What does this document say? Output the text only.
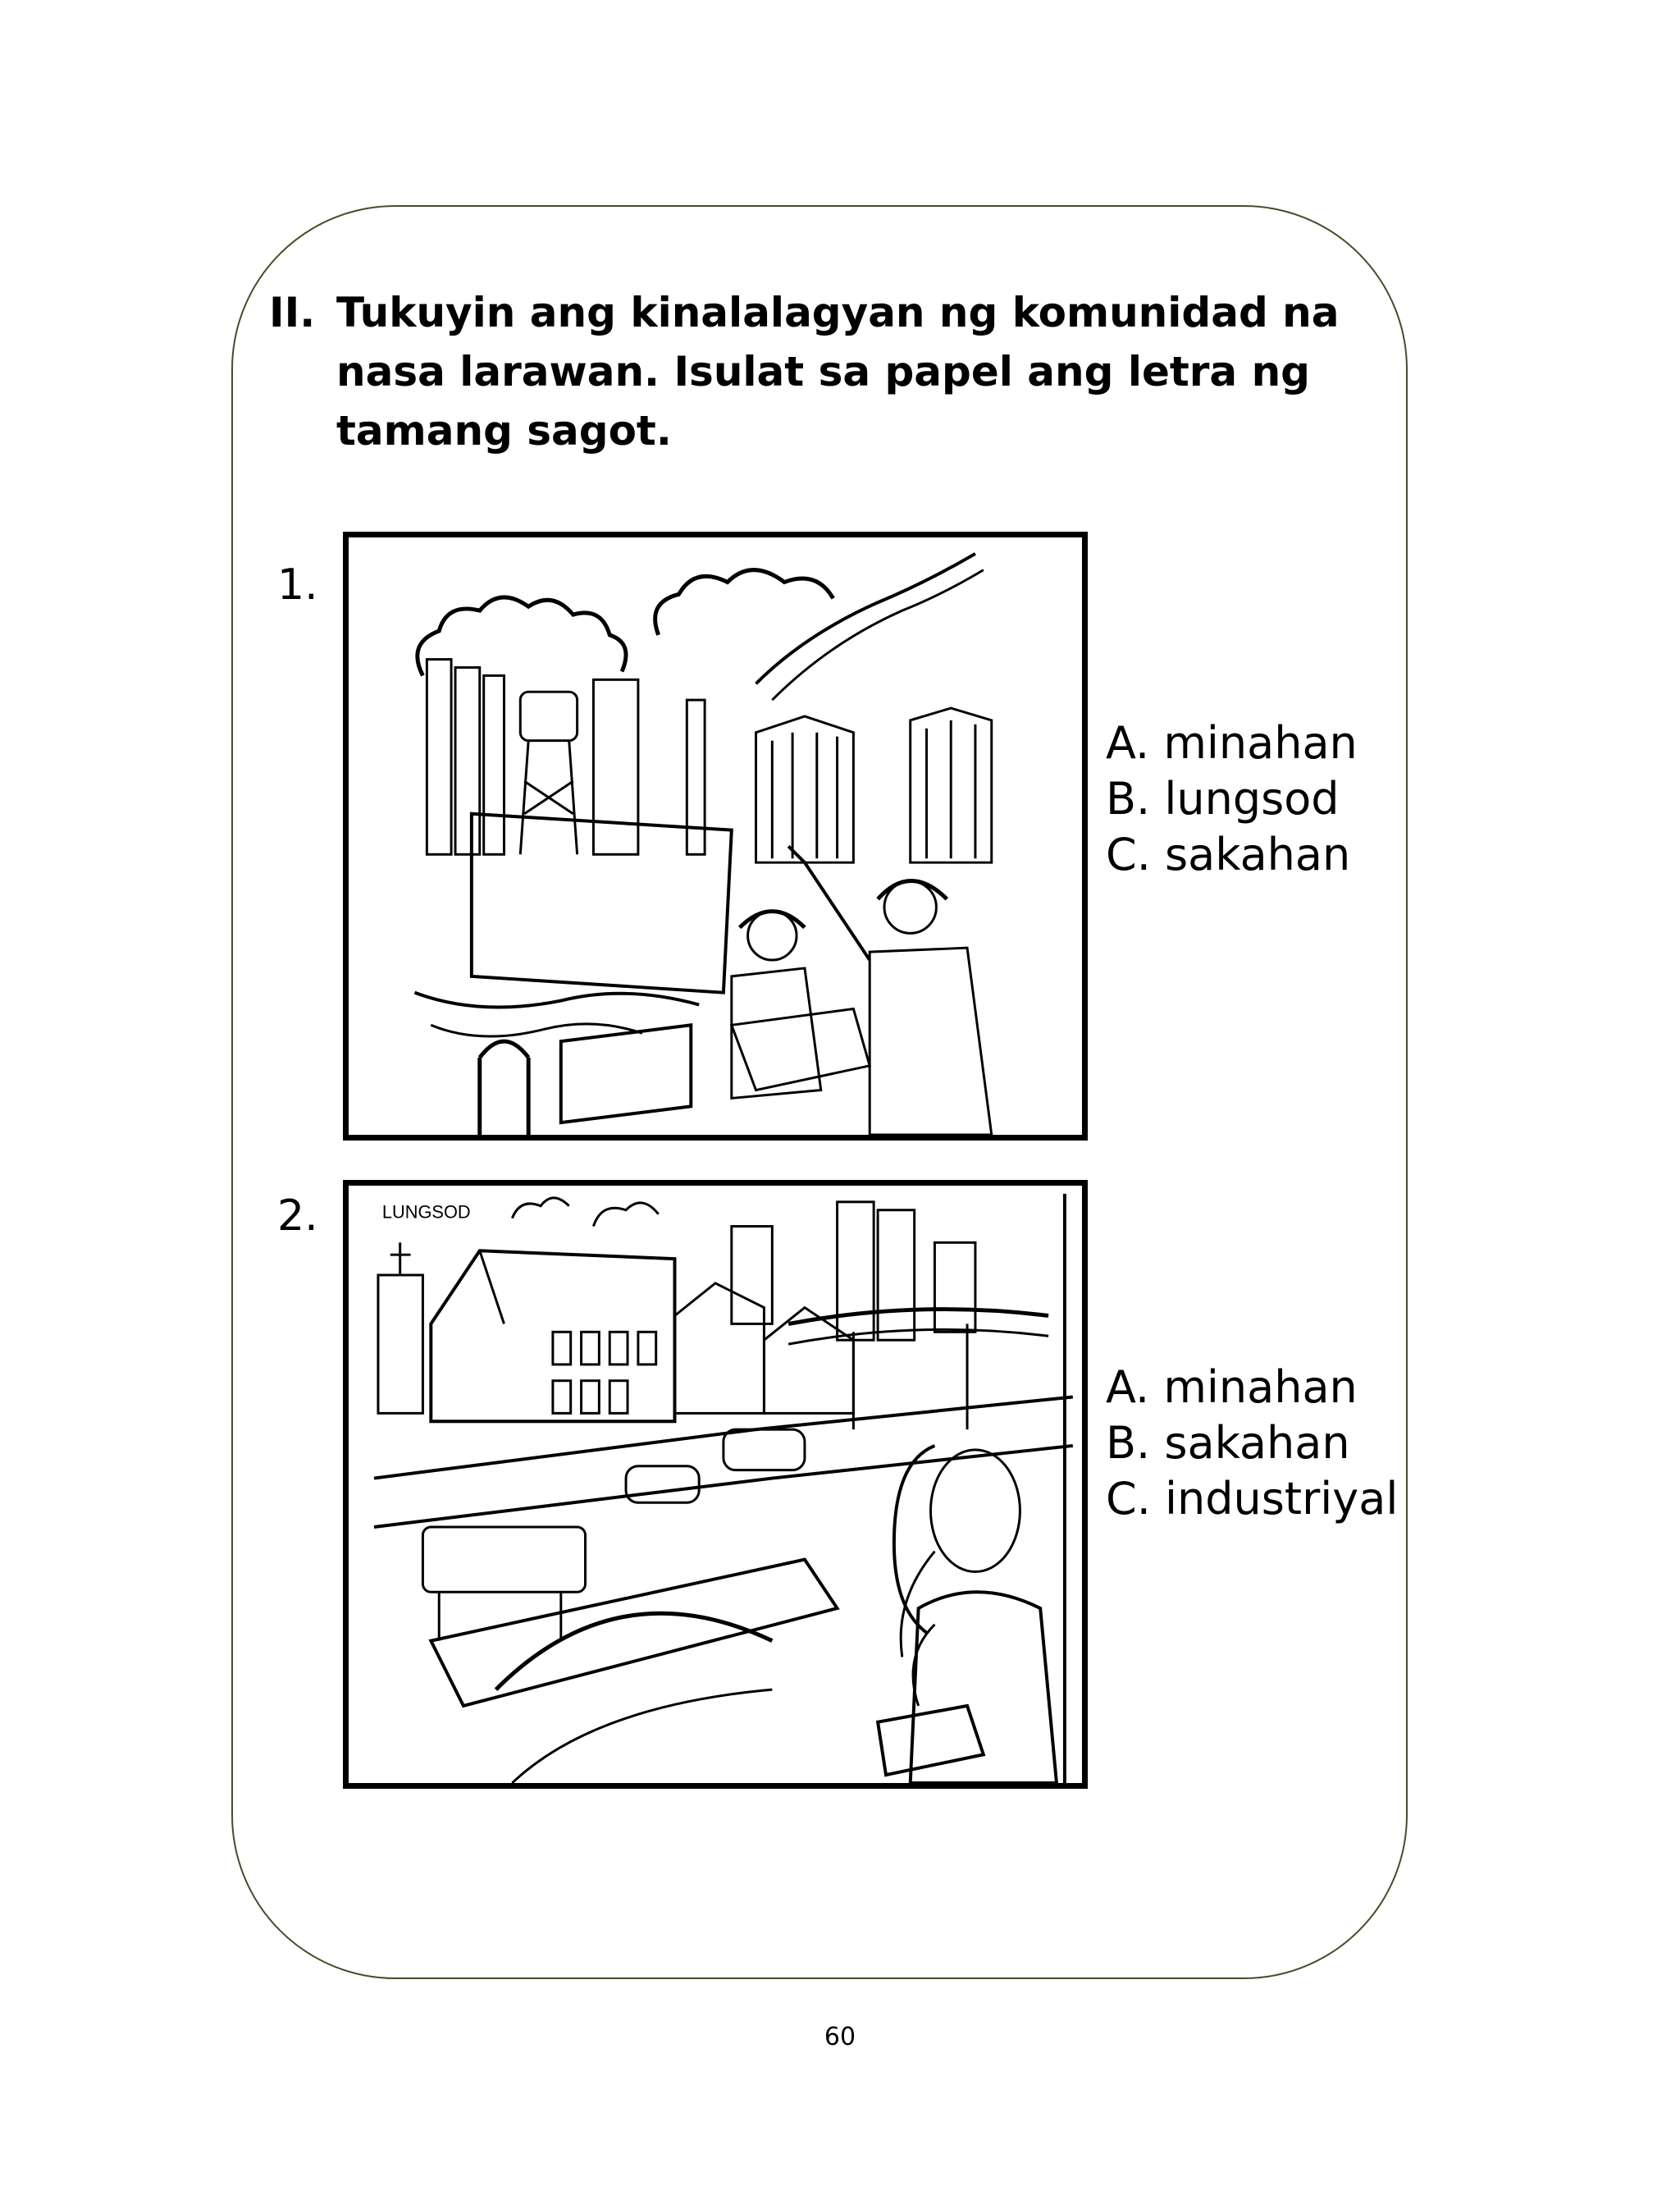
II. Tukuyin ang kinalalagyan ng komunidad na nasa larawan. Isulat sa papel ang letra ng tamang sagot.
1.
A. minahan
B. lungsod
C. sakahan
2.	LUNGSOD
A. minahan
B. sakahan
C. industriyal
60
